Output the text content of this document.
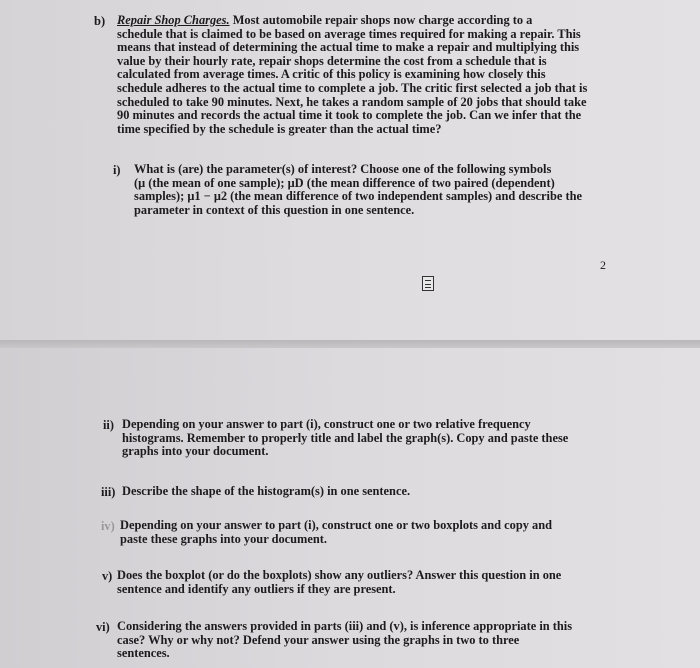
b) Repair Shop Charges. Most automobile repair shops now charge according to a

schedule that is claimed to be based on average times required for making a repair. This

means that instead of determining the actual time to make a repair and multiplying this

value by their hourly rate, repair shops determine the cost from a schedule that is

calculated from average times. A critic of this policy is examining how closely this

schedule adheres to the actual time to complete a job. The critic first selected a job that is

scheduled to take 90 minutes. Next, he takes a random sample of 20 jobs that should take

90 minutes and records the actual time it took to complete the job. Can we infer that the

time specified by the schedule is greater than the actual time?

i) What is (are) the parameter(s) of interest? Choose one of the following symbols

(μ (the mean of one sample); μD (the mean difference of two paired (dependent)

samples); μ1 − μ2 (the mean difference of two independent samples) and describe the

parameter in context of this question in one sentence.

2
ii) Depending on your answer to part (i), construct one or two relative frequency

histograms. Remember to properly title and label the graph(s). Copy and paste these

graphs into your document.

iii) Describe the shape of the histogram(s) in one sentence.

iv) Depending on your answer to part (i), construct one or two boxplots and copy and

paste these graphs into your document.

v) Does the boxplot (or do the boxplots) show any outliers? Answer this question in one

sentence and identify any outliers if they are present.

vi) Considering the answers provided in parts (iii) and (v), is inference appropriate in this

case? Why or why not? Defend your answer using the graphs in two to three

sentences.
